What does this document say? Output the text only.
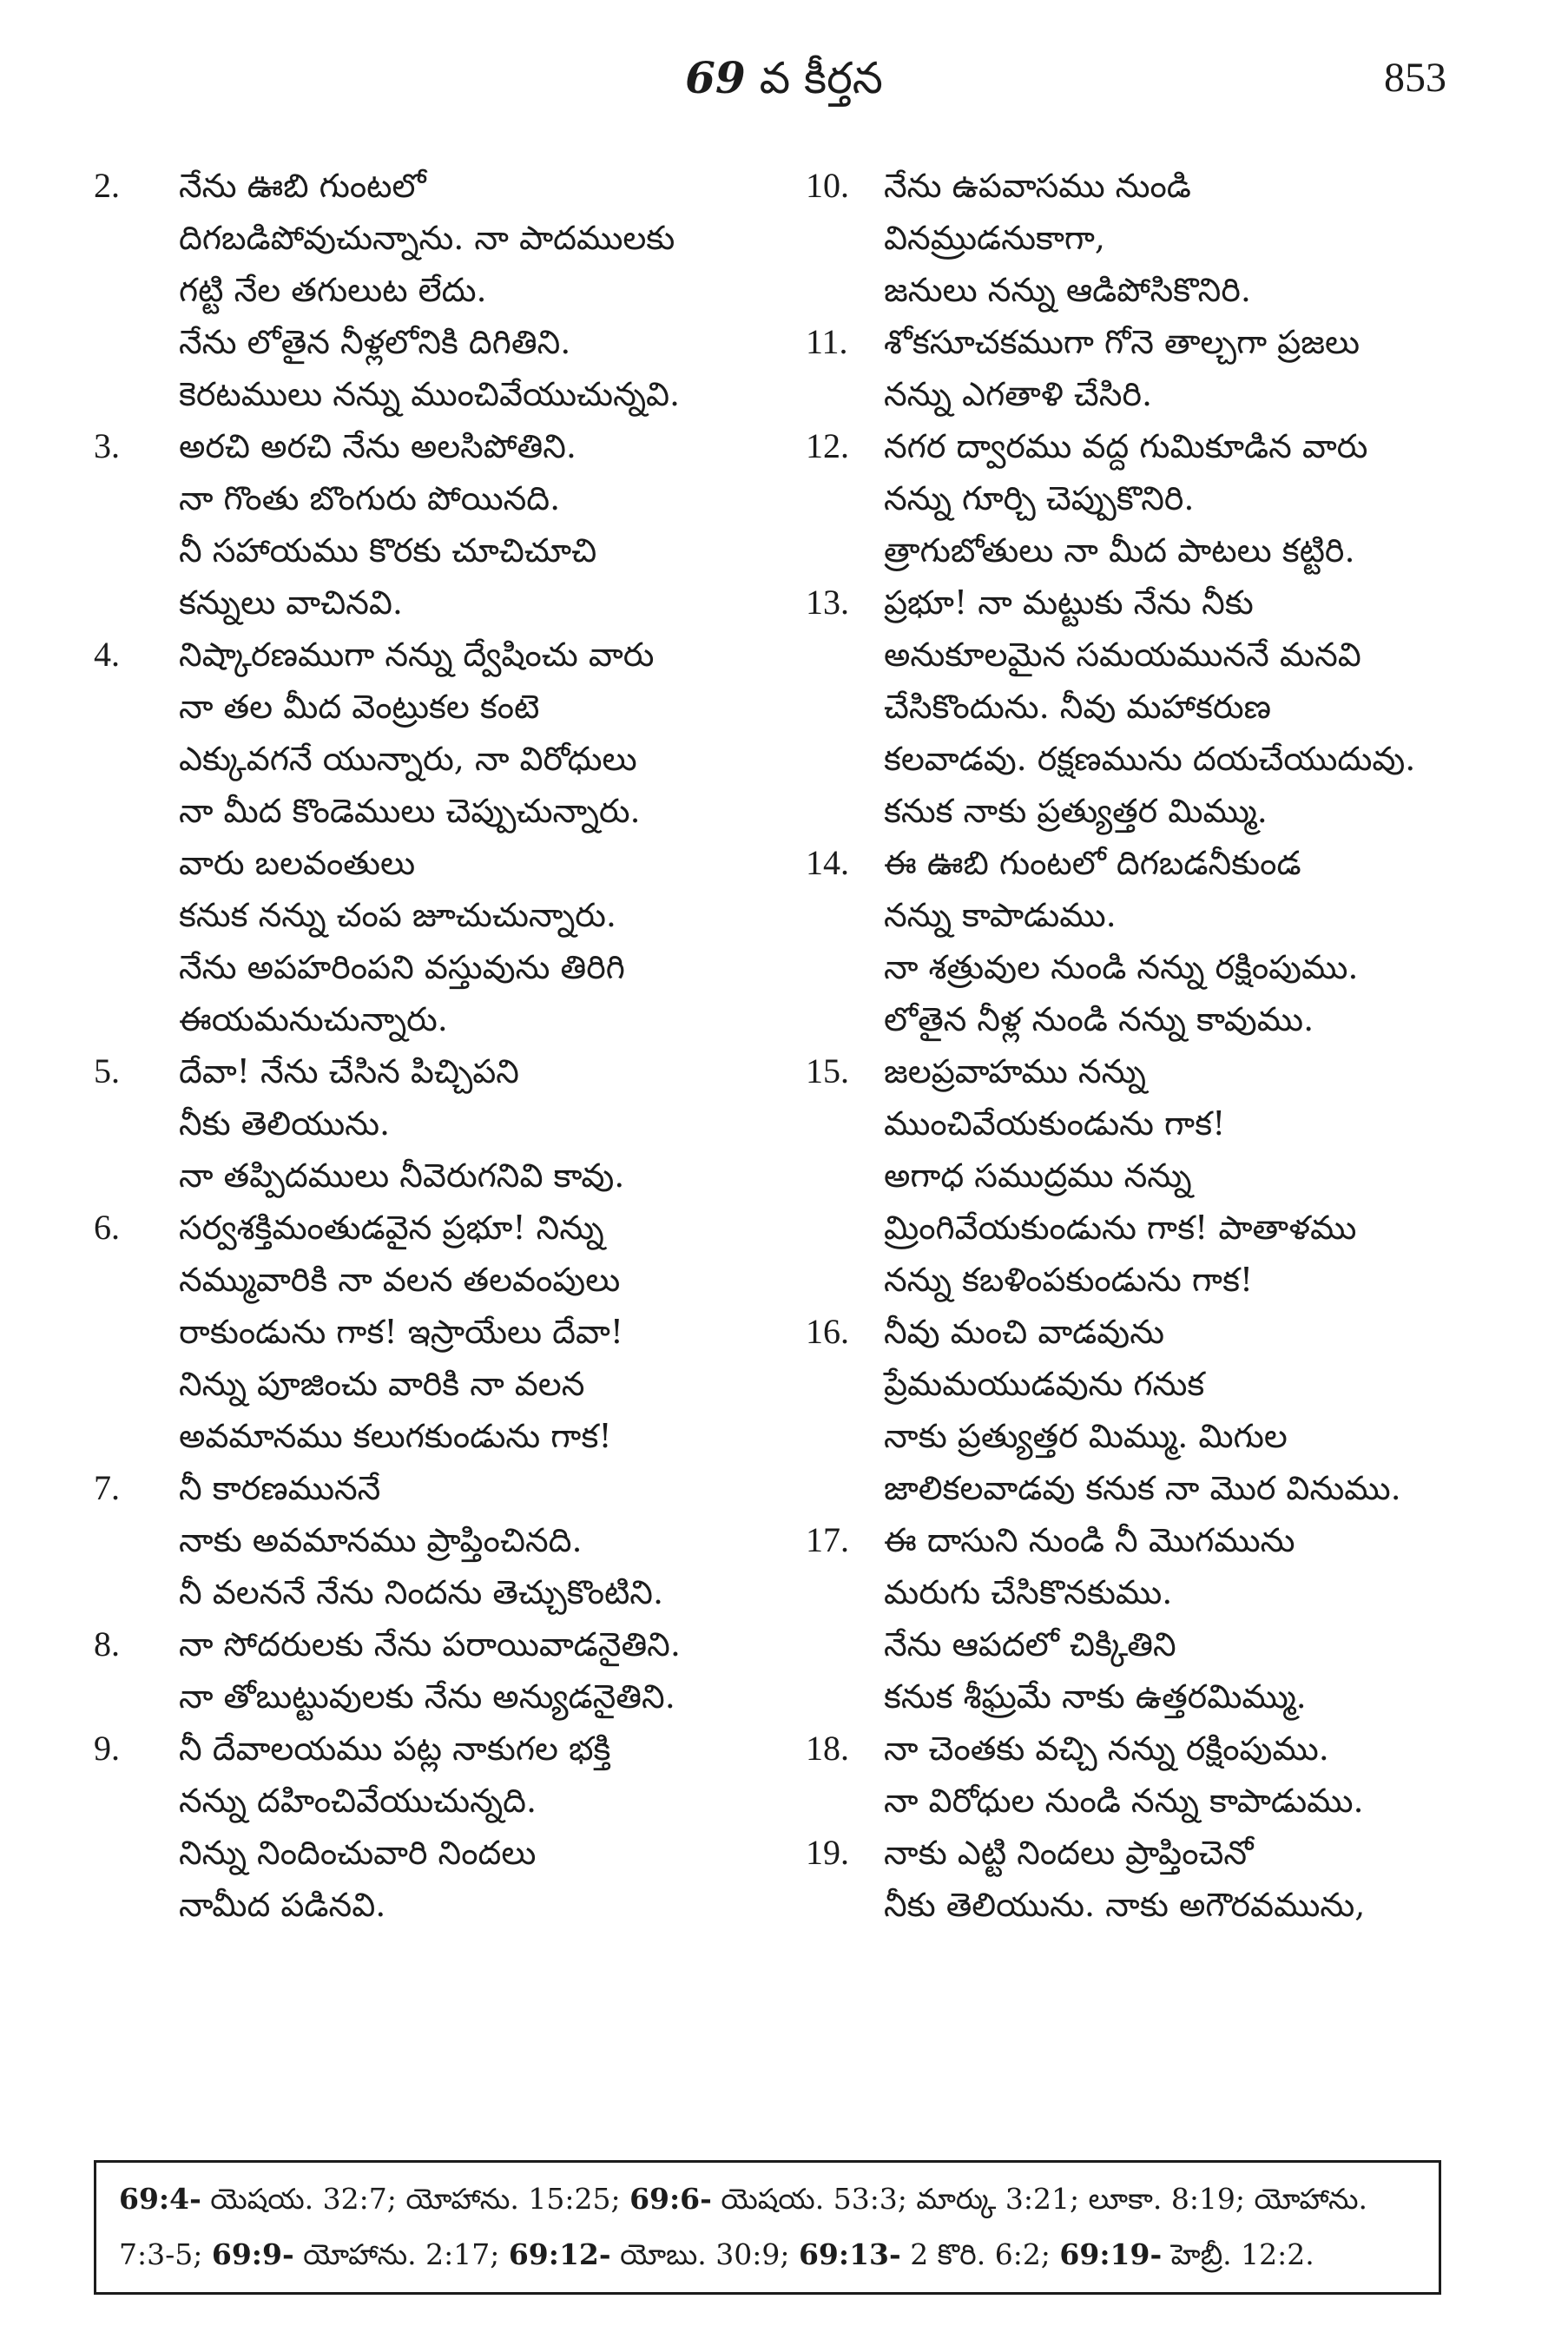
69 వ కీర్తన	853
2. నేను ఊబి గుంటలో
దిగబడిపోవుచున్నాను. నా పాదములకు
గట్టి నేల తగులుట లేదు.
నేను లోతైన నీళ్లలోనికి దిగితిని.
కెరటములు నన్ను ముంచివేయుచున్నవి.
3. అరచి అరచి నేను అలసిపోతిని.
నా గొంతు బొంగురు పోయినది.
నీ సహాయము కొరకు చూచిచూచి
కన్నులు వాచినవి.
4. నిష్కారణముగా నన్ను ద్వేషించు వారు
నా తల మీద వెంట్రుకల కంటె
ఎక్కువగనే యున్నారు, నా విరోధులు
నా మీద కొండెములు చెప్పుచున్నారు.
వారు బలవంతులు
కనుక నన్ను చంప జూచుచున్నారు.
నేను అపహరింపని వస్తువును తిరిగి
ఈయమనుచున్నారు.
5. దేవా! నేను చేసిన పిచ్చిపని
నీకు తెలియును.
నా తప్పిదములు నీవెరుగనివి కావు.
6. సర్వశక్తిమంతుడవైన ప్రభూ! నిన్ను
నమ్మువారికి నా వలన తలవంపులు
రాకుండును గాక! ఇస్రాయేలు దేవా!
నిన్ను పూజించు వారికి నా వలన
అవమానము కలుగకుండును గాక!
7. నీ కారణముననే
నాకు అవమానము ప్రాప్తించినది.
నీ వలననే నేను నిందను తెచ్చుకొంటిని.
8. నా సోదరులకు నేను పరాయివాడనైతిని.
నా తోబుట్టువులకు నేను అన్యుడనైతిని.
9. నీ దేవాలయము పట్ల నాకుగల భక్తి
నన్ను దహించివేయుచున్నది.
నిన్ను నిందించువారి నిందలు
నామీద పడినవి.
10. నేను ఉపవాసము నుండి
వినమ్రుడనుకాగా,
జనులు నన్ను ఆడిపోసికొనిరి.
11. శోకసూచకముగా గోనె తాల్చగా ప్రజలు
నన్ను ఎగతాళి చేసిరి.
12. నగర ద్వారము వద్ద గుమికూడిన వారు
నన్ను గూర్చి చెప్పుకొనిరి.
త్రాగుబోతులు నా మీద పాటలు కట్టిరి.
13. ప్రభూ! నా మట్టుకు నేను నీకు
అనుకూలమైన సమయముననే మనవి
చేసికొందును. నీవు మహాకరుణ
కలవాడవు. రక్షణమును దయచేయుదువు.
కనుక నాకు ప్రత్యుత్తర మిమ్ము.
14. ఈ ఊబి గుంటలో దిగబడనీకుండ
నన్ను కాపాడుము.
నా శత్రువుల నుండి నన్ను రక్షింపుము.
లోతైన నీళ్ల నుండి నన్ను కావుము.
15. జలప్రవాహము నన్ను
ముంచివేయకుండును గాక!
అగాధ సముద్రము నన్ను
మ్రింగివేయకుండును గాక! పాతాళము
నన్ను కబళింపకుండును గాక!
16. నీవు మంచి వాడవును
ప్రేమమయుడవును గనుక
నాకు ప్రత్యుత్తర మిమ్ము. మిగుల
జాలికలవాడవు కనుక నా మొర వినుము.
17. ఈ దాసుని నుండి నీ మొగమును
మరుగు చేసికొనకుము.
నేను ఆపదలో చిక్కితిని
కనుక శీఘ్రమే నాకు ఉత్తరమిమ్ము.
18. నా చెంతకు వచ్చి నన్ను రక్షింపుము.
నా విరోధుల నుండి నన్ను కాపాడుము.
19. నాకు ఎట్టి నిందలు ప్రాప్తించెనో
నీకు తెలియును. నాకు అగౌరవమును,
69:4- యెషయ. 32:7; యోహాను. 15:25; 69:6- యెషయ. 53:3; మార్కు 3:21; లూకా. 8:19; యోహాను.
7:3-5; 69:9- యోహాను. 2:17; 69:12- యోబు. 30:9; 69:13- 2 కొరి. 6:2; 69:19- హెబ్రీ. 12:2.
